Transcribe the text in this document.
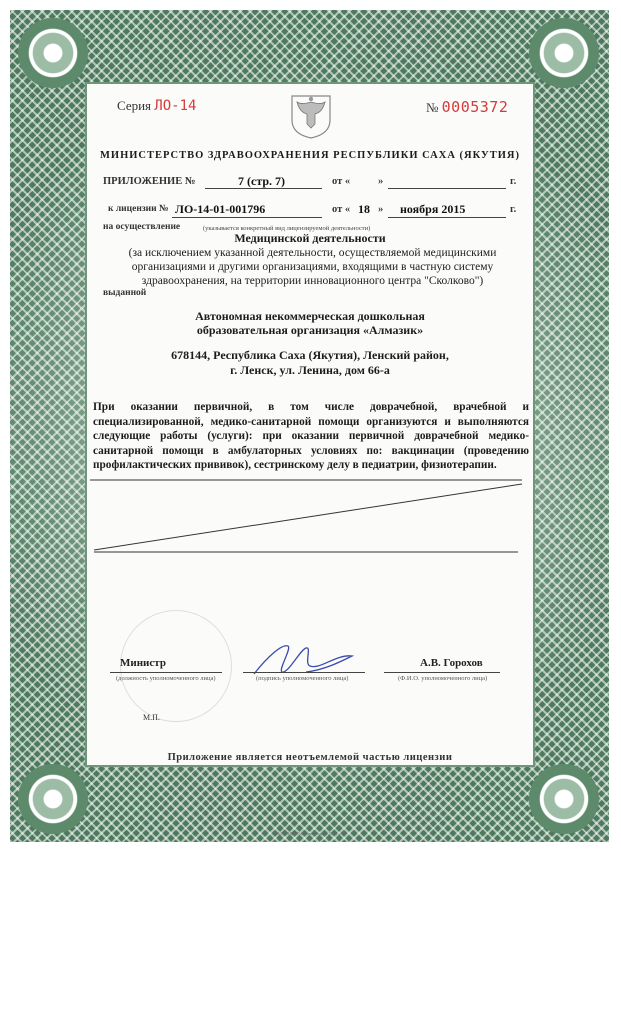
Серия ЛО-14	№ 0005372
МИНИСТЕРСТВО ЗДРАВООХРАНЕНИЯ РЕСПУБЛИКИ САХА (ЯКУТИЯ)
ПРИЛОЖЕНИЕ №	7 (стр. 7)	от «	»	г.
к лицензии № ЛО-14-01-001796	от « 18 » ноября 2015	г.
на осуществление	(указывается конкретный вид лицензируемой деятельности)
Медицинской деятельности
(за исключением указанной деятельности, осуществляемой медицинскими организациями и другими организациями, входящими в частную систему здравоохранения, на территории инновационного центра "Сколково")
выданной
Автономная некоммерческая дошкольная
образовательная организация «Алмазик»
678144, Республика Саха (Якутия), Ленский район,
г. Ленск, ул. Ленина, дом 66-а
При оказании первичной, в том числе доврачебной, врачебной и специализированной, медико-санитарной помощи организуются и выполняются следующие работы (услуги): при оказании первичной доврачебной медико-санитарной помощи в амбулаторных условиях по: вакцинации (проведению профилактических прививок), сестринскому делу в педиатрии, физиотерапии.
Министр
(должность уполномоченного лица)	(подпись уполномоченного лица)
А.В. Горохов
(Ф.И.О. уполномоченного лица)
М.П.
Приложение является неотъемлемой частью лицензии
ЗАО «СИБИРЬ» Новосибирск, 2015, «А»
